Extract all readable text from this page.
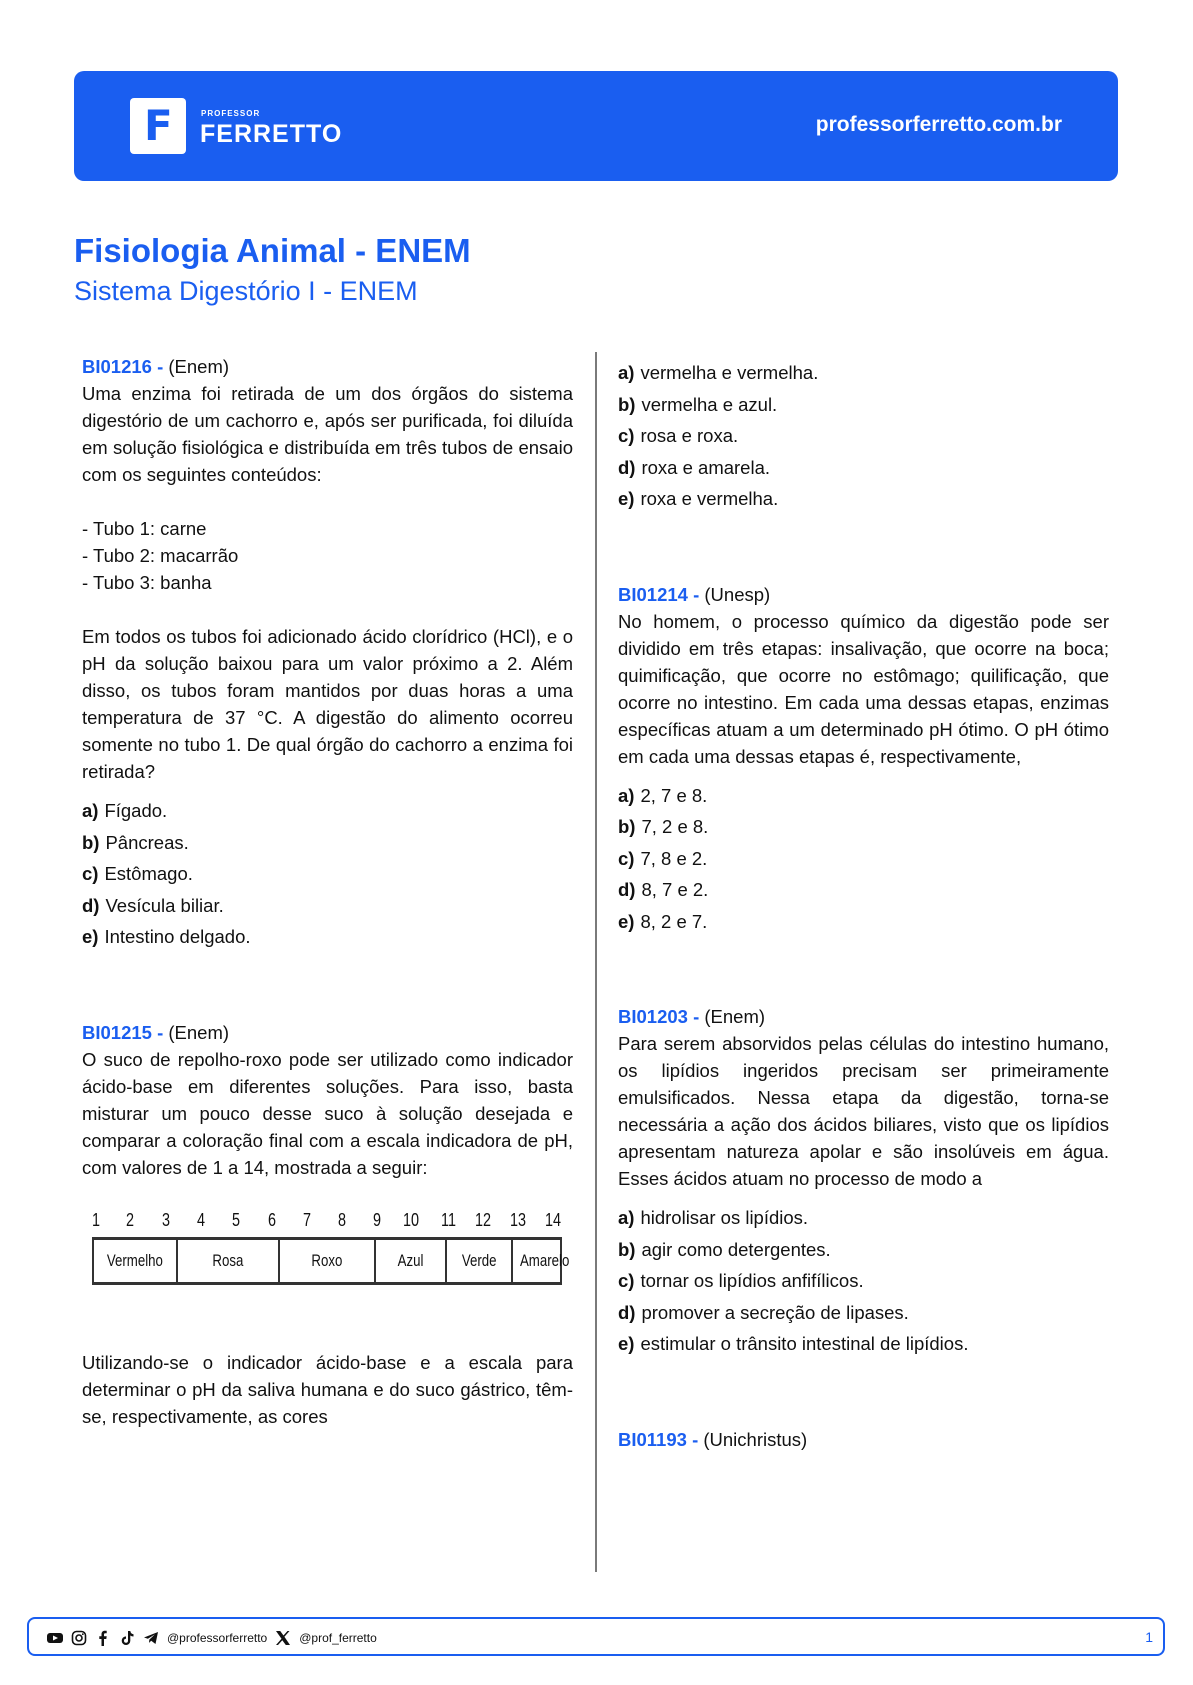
F	PROFESSOR
FERRETTO	professorferretto.com.br
Fisiologia Animal - ENEM
Sistema Digestório I - ENEM
BI01216 - (Enem)
Uma enzima foi retirada de um dos órgãos do sistema digestório de um cachorro e, após ser purificada, foi diluída em solução fisiológica e distribuída em três tubos de ensaio com os seguintes conteúdos:
- Tubo 1: carne
- Tubo 2: macarrão
- Tubo 3: banha
Em todos os tubos foi adicionado ácido clorídrico (HCl), e o pH da solução baixou para um valor próximo a 2. Além disso, os tubos foram mantidos por duas horas a uma temperatura de 37 °C. A digestão do alimento ocorreu somente no tubo 1. De qual órgão do cachorro a enzima foi retirada?
a) Fígado.
b) Pâncreas.
c) Estômago.
d) Vesícula biliar.
e) Intestino delgado.
BI01215 - (Enem)
O suco de repolho-roxo pode ser utilizado como indicador ácido-base em diferentes soluções. Para isso, basta misturar um pouco desse suco à solução desejada e comparar a coloração final com a escala indicadora de pH, com valores de 1 a 14, mostrada a seguir:
1 2 3 4 5 6 7 8 9 10 11 12 13 14
Vermelho	Rosa	Roxo	Azul	Verde	Amarelo
Utilizando-se o indicador ácido-base e a escala para determinar o pH da saliva humana e do suco gástrico, têm-se, respectivamente, as cores
a) vermelha e vermelha.
b) vermelha e azul.
c) rosa e roxa.
d) roxa e amarela.
e) roxa e vermelha.
BI01214 - (Unesp)
No homem, o processo químico da digestão pode ser dividido em três etapas: insalivação, que ocorre na boca; quimificação, que ocorre no estômago; quilificação, que ocorre no intestino. Em cada uma dessas etapas, enzimas específicas atuam a um determinado pH ótimo. O pH ótimo em cada uma dessas etapas é, respectivamente,
a) 2, 7 e 8.
b) 7, 2 e 8.
c) 7, 8 e 2.
d) 8, 7 e 2.
e) 8, 2 e 7.
BI01203 - (Enem)
Para serem absorvidos pelas células do intestino humano, os lipídios ingeridos precisam ser primeiramente emulsificados. Nessa etapa da digestão, torna-se necessária a ação dos ácidos biliares, visto que os lipídios apresentam natureza apolar e são insolúveis em água. Esses ácidos atuam no processo de modo a
a) hidrolisar os lipídios.
b) agir como detergentes.
c) tornar os lipídios anfifílicos.
d) promover a secreção de lipases.
e) estimular o trânsito intestinal de lipídios.
BI01193 - (Unichristus)
@professorferretto	@prof_ferretto	1
